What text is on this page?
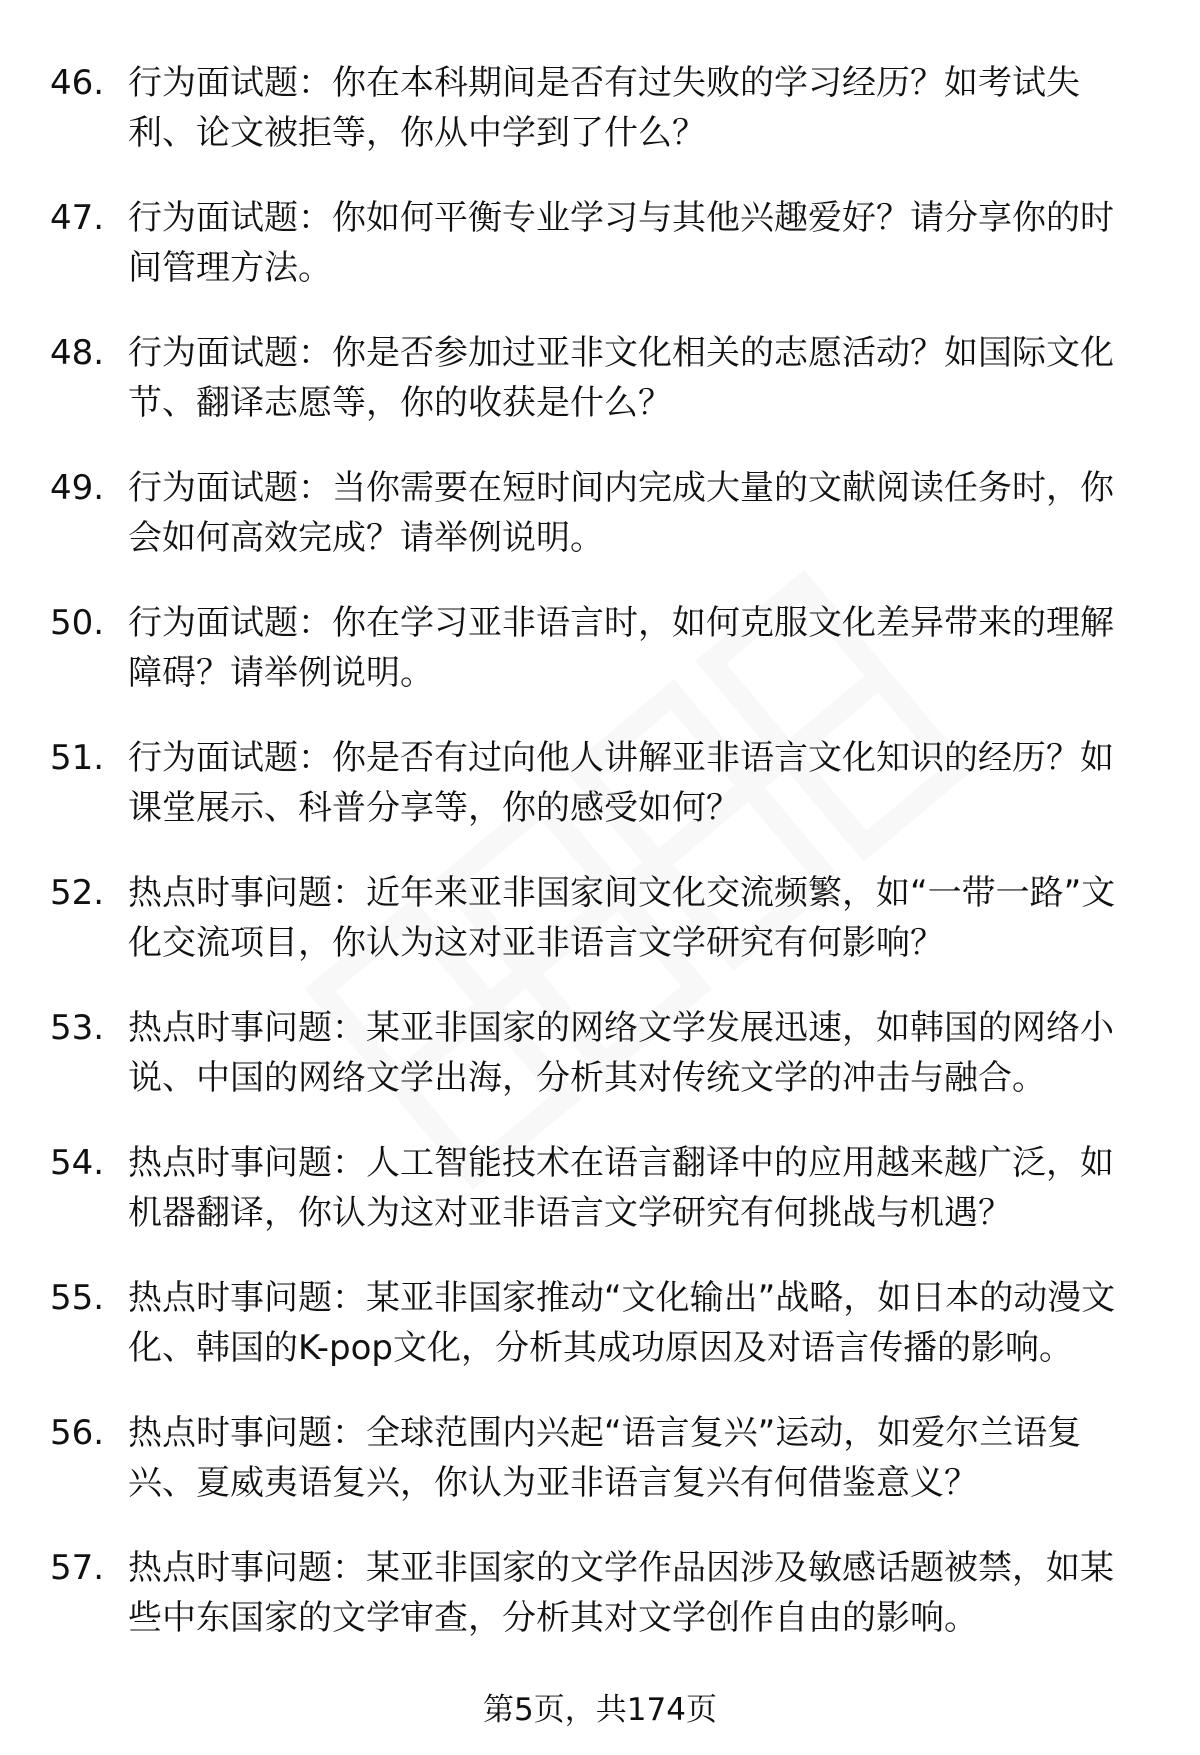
46. 行为面试题：你在本科期间是否有过失败的学习经历？如考试失利、论文被拒等，你从中学到了什么？
47. 行为面试题：你如何平衡专业学习与其他兴趣爱好？请分享你的时间管理方法。
48. 行为面试题：你是否参加过亚非文化相关的志愿活动？如国际文化节、翻译志愿等，你的收获是什么？
49. 行为面试题：当你需要在短时间内完成大量的文献阅读任务时，你会如何高效完成？请举例说明。
50. 行为面试题：你在学习亚非语言时，如何克服文化差异带来的理解障碍？请举例说明。
51. 行为面试题：你是否有过向他人讲解亚非语言文化知识的经历？如课堂展示、科普分享等，你的感受如何？
52. 热点时事问题：近年来亚非国家间文化交流频繁，如“一带一路”文化交流项目，你认为这对亚非语言文学研究有何影响？
53. 热点时事问题：某亚非国家的网络文学发展迅速，如韩国的网络小说、中国的网络文学出海，分析其对传统文学的冲击与融合。
54. 热点时事问题：人工智能技术在语言翻译中的应用越来越广泛，如机器翻译，你认为这对亚非语言文学研究有何挑战与机遇？
55. 热点时事问题：某亚非国家推动“文化输出”战略，如日本的动漫文化、韩国的K-pop文化，分析其成功原因及对语言传播的影响。
56. 热点时事问题：全球范围内兴起“语言复兴”运动，如爱尔兰语复兴、夏威夷语复兴，你认为亚非语言复兴有何借鉴意义？
57. 热点时事问题：某亚非国家的文学作品因涉及敏感话题被禁，如某些中东国家的文学审查，分析其对文学创作自由的影响。
第5页，共174页
